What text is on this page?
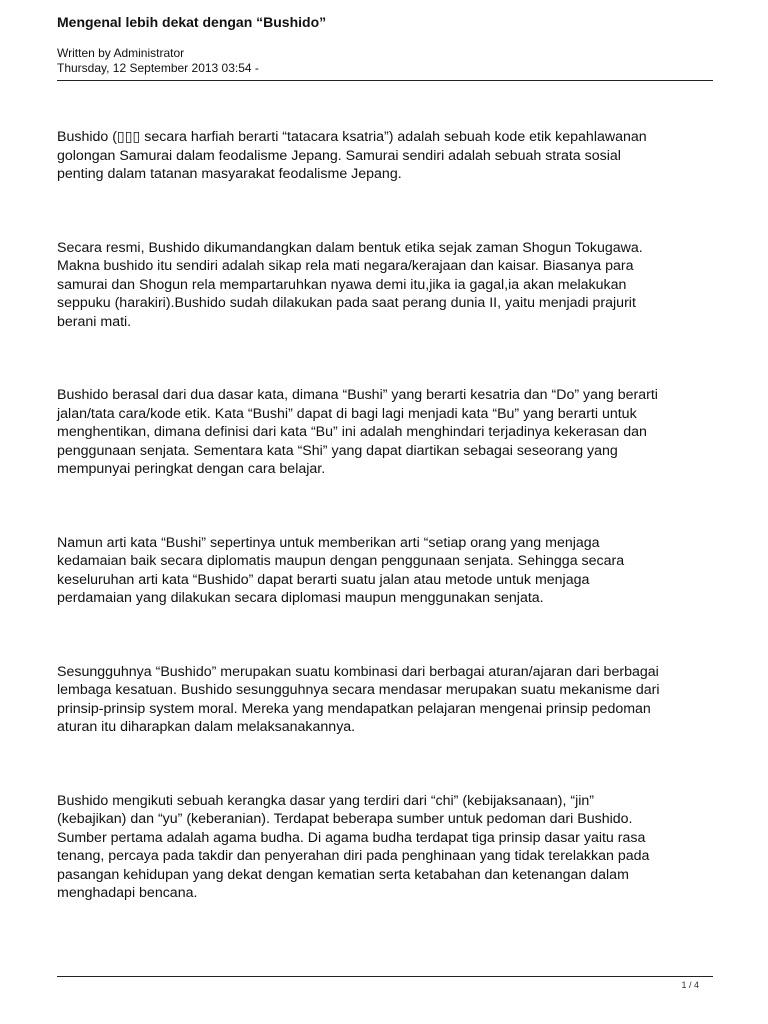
Mengenal lebih dekat dengan “Bushido”
Written by Administrator
Thursday, 12 September 2013 03:54 -

Bushido (▯▯▯ secara harfiah berarti “tatacara ksatria”) adalah sebuah kode etik kepahlawanan
golongan Samurai dalam feodalisme Jepang. Samurai sendiri adalah sebuah strata sosial
penting dalam tatanan masyarakat feodalisme Jepang.

Secara resmi, Bushido dikumandangkan dalam bentuk etika sejak zaman Shogun Tokugawa.
Makna bushido itu sendiri adalah sikap rela mati negara/kerajaan dan kaisar. Biasanya para
samurai dan Shogun rela mempartaruhkan nyawa demi itu,jika ia gagal,ia akan melakukan
seppuku (harakiri).Bushido sudah dilakukan pada saat perang dunia II, yaitu menjadi prajurit
berani mati.

Bushido berasal dari dua dasar kata, dimana “Bushi” yang berarti kesatria dan “Do” yang berarti
jalan/tata cara/kode etik. Kata “Bushi” dapat di bagi lagi menjadi kata “Bu” yang berarti untuk
menghentikan, dimana definisi dari kata “Bu” ini adalah menghindari terjadinya kekerasan dan
penggunaan senjata. Sementara kata “Shi” yang dapat diartikan sebagai seseorang yang
mempunyai peringkat dengan cara belajar.

Namun arti kata “Bushi” sepertinya untuk memberikan arti “setiap orang yang menjaga
kedamaian baik secara diplomatis maupun dengan penggunaan senjata. Sehingga secara
keseluruhan arti kata “Bushido” dapat berarti suatu jalan atau metode untuk menjaga
perdamaian yang dilakukan secara diplomasi maupun menggunakan senjata.

Sesungguhnya “Bushido” merupakan suatu kombinasi dari berbagai aturan/ajaran dari berbagai
lembaga kesatuan. Bushido sesungguhnya secara mendasar merupakan suatu mekanisme dari
prinsip-prinsip system moral. Mereka yang mendapatkan pelajaran mengenai prinsip pedoman
aturan itu diharapkan dalam melaksanakannya.

Bushido mengikuti sebuah kerangka dasar yang terdiri dari “chi” (kebijaksanaan), “jin”
(kebajikan) dan “yu” (keberanian). Terdapat beberapa sumber untuk pedoman dari Bushido.
Sumber pertama adalah agama budha. Di agama budha terdapat tiga prinsip dasar yaitu rasa
tenang, percaya pada takdir dan penyerahan diri pada penghinaan yang tidak terelakkan pada
pasangan kehidupan yang dekat dengan kematian serta ketabahan dan ketenangan dalam
menghadapi bencana.

1 / 4
